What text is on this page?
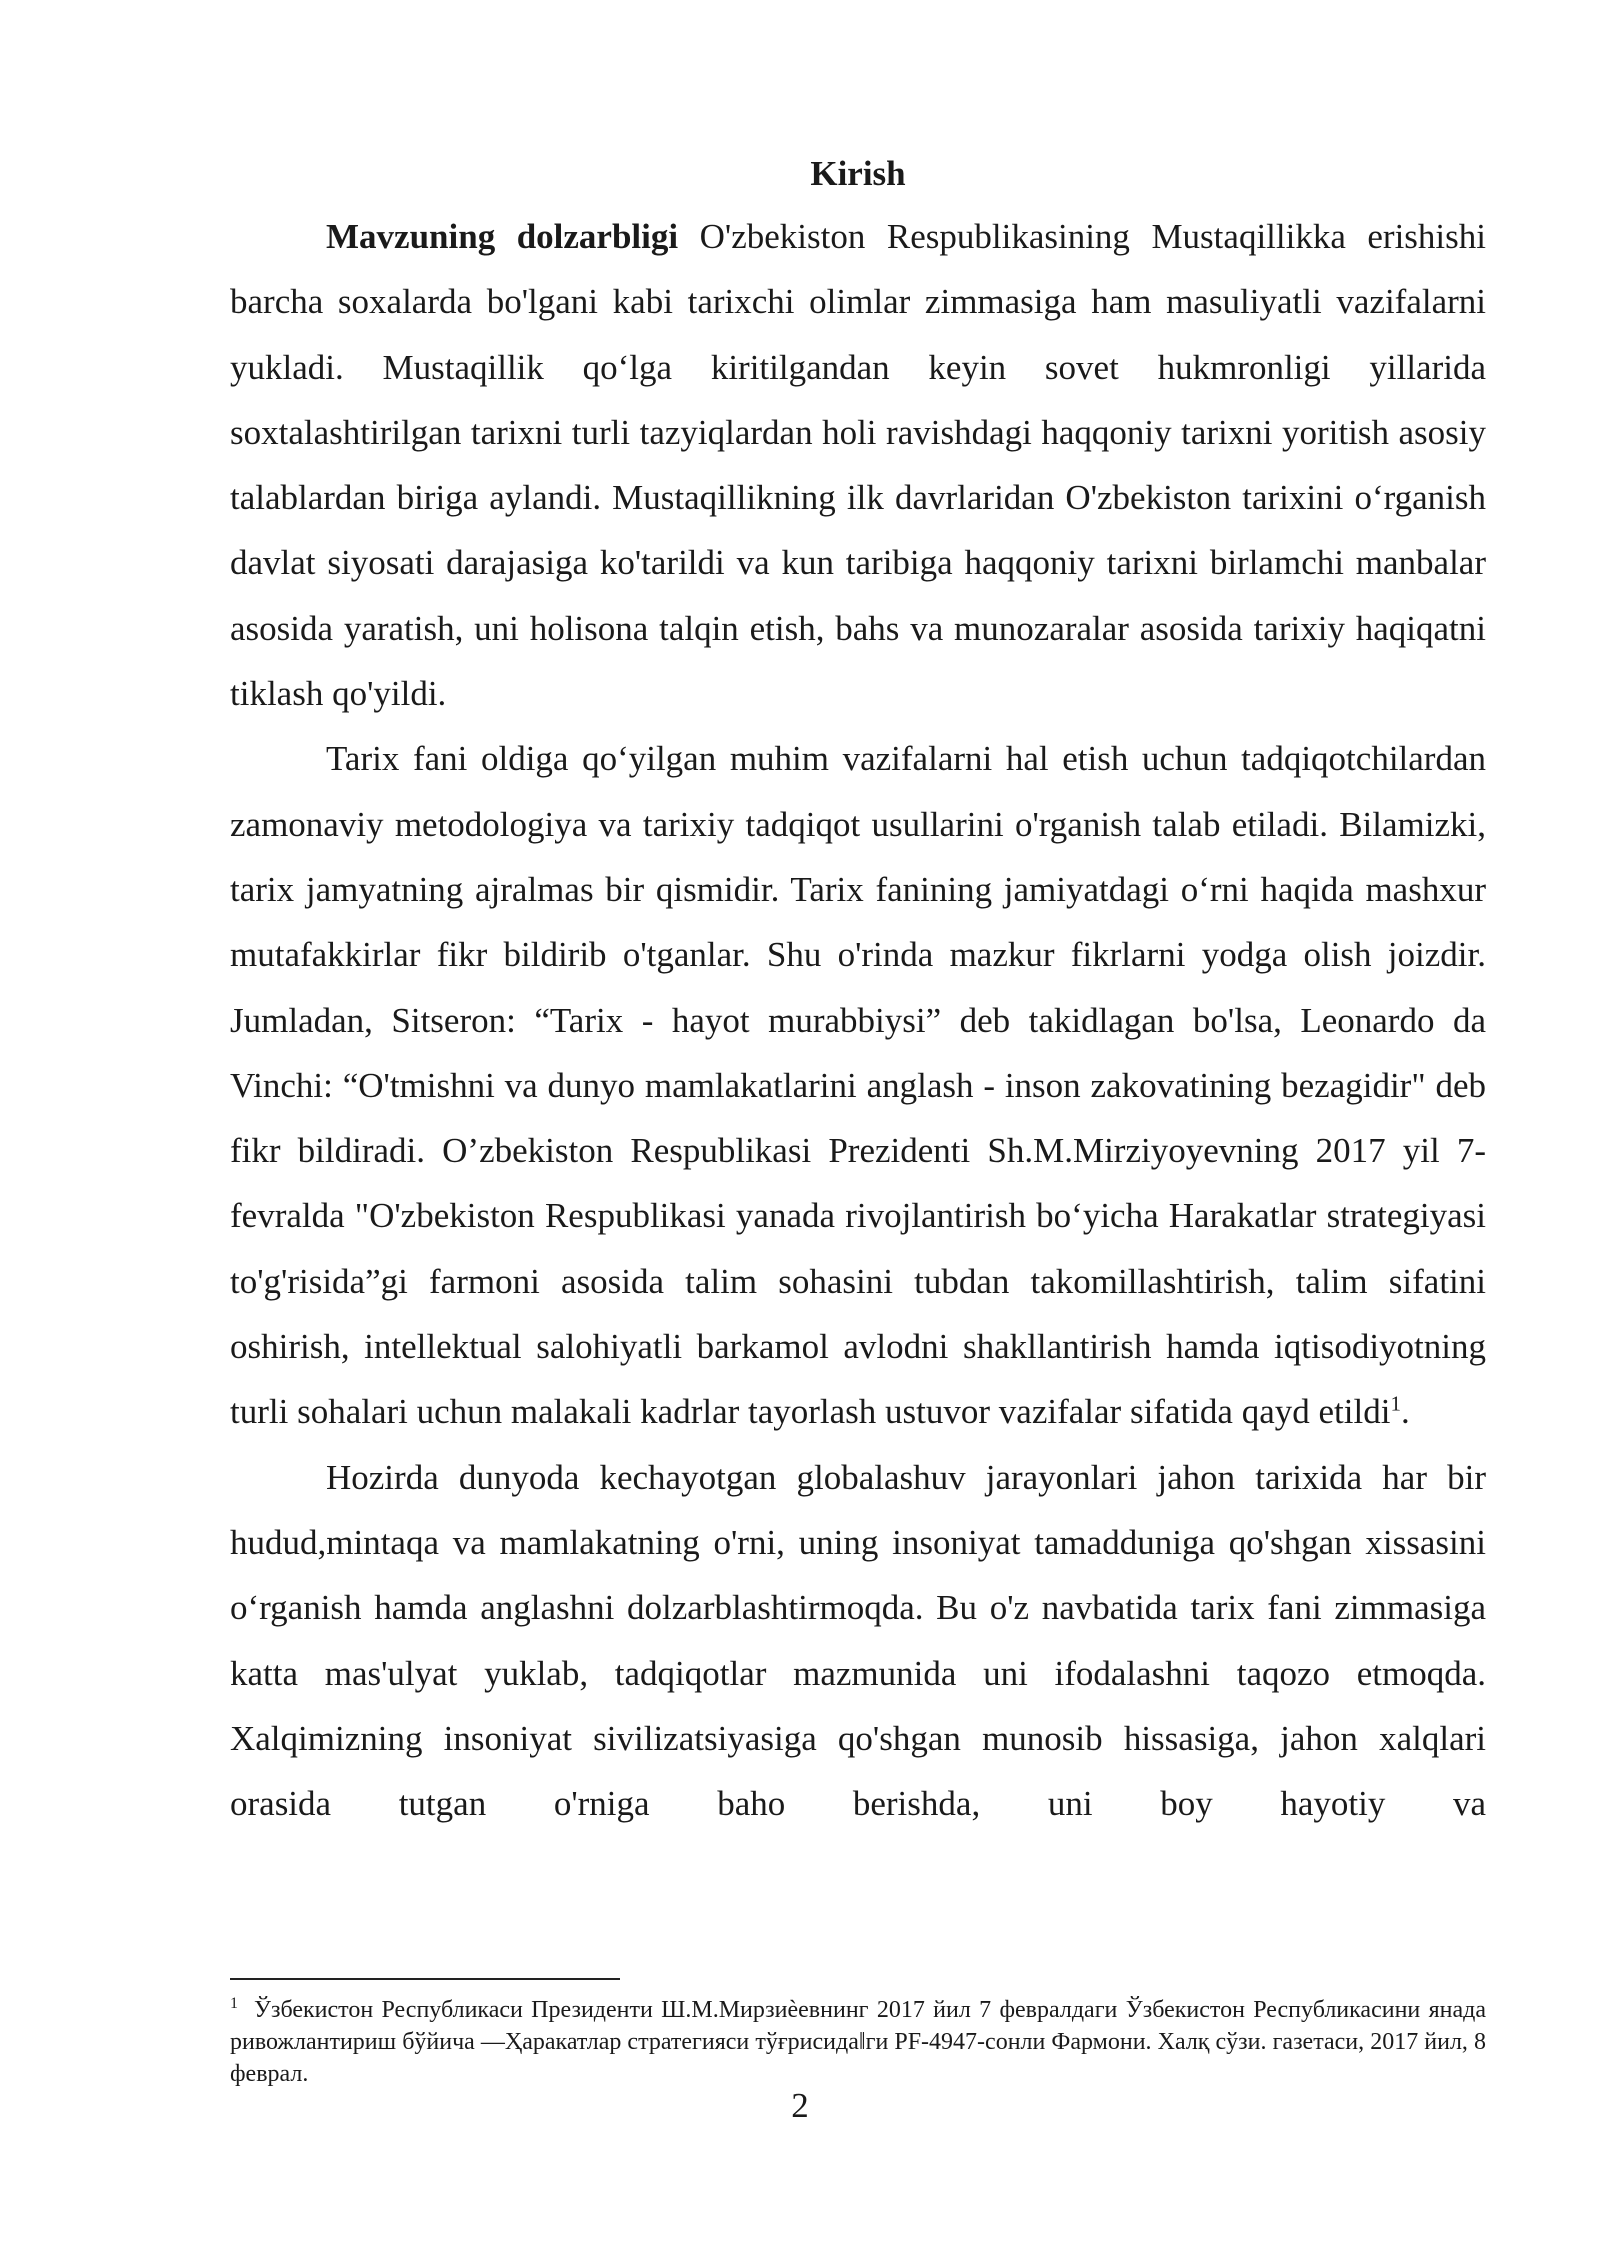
Kirish

Mavzuning dolzarbligi O'zbekiston Respublikasining Mustaqillikka erishishi barcha soxalarda bo'lgani kabi tarixchi olimlar zimmasiga ham masuliyatli vazifalarni yukladi. Mustaqillik qo‘lga kiritilgandan keyin sovet hukmronligi yillarida soxtalashtirilgan tarixni turli tazyiqlardan holi ravishdagi haqqoniy tarixni yoritish asosiy talablardan biriga aylandi. Mustaqillikning ilk davrlaridan O'zbekiston tarixini o‘rganish davlat siyosati darajasiga ko'tarildi va kun taribiga haqqoniy tarixni birlamchi manbalar asosida yaratish, uni holisona talqin etish, bahs va munozaralar asosida tarixiy haqiqatni tiklash qo'yildi.

Tarix fani oldiga qo‘yilgan muhim vazifalarni hal etish uchun tadqiqotchilardan zamonaviy metodologiya va tarixiy tadqiqot usullarini o'rganish talab etiladi. Bilamizki, tarix jamyatning ajralmas bir qismidir. Tarix fanining jamiyatdagi o‘rni haqida mashxur mutafakkirlar fikr bildirib o'tganlar. Shu o'rinda mazkur fikrlarni yodga olish joizdir. Jumladan, Sitseron: “Tarix - hayot murabbiysi” deb takidlagan bo'lsa, Leonardo da Vinchi: “O'tmishni va dunyo mamlakatlarini anglash - inson zakovatining bezagidir" deb fikr bildiradi. O’zbekiston Respublikasi Prezidenti Sh.M.Mirziyoyevning 2017 yil 7-fevralda "O'zbekiston Respublikasi yanada rivojlantirish bo‘yicha Harakatlar strategiyasi to'g'risida”gi farmoni asosida talim sohasini tubdan takomillashtirish, talim sifatini oshirish, intellektual salohiyatli barkamol avlodni shakllantirish hamda iqtisodiyotning turli sohalari uchun malakali kadrlar tayorlash ustuvor vazifalar sifatida qayd etildi$^1$.

Hozirda dunyoda kechayotgan globalashuv jarayonlari jahon tarixida har bir hudud,mintaqa va mamlakatning o'rni, uning insoniyat tamadduniga qo'shgan xissasini o‘rganish hamda anglashni dolzarblashtirmoqda. Bu o'z navbatida tarix fani zimmasiga katta mas'ulyat yuklab, tadqiqotlar mazmunida uni ifodalashni taqozo etmoqda. Xalqimizning insoniyat sivilizatsiyasiga qo'shgan munosib hissasiga, jahon xalqlari orasida tutgan o'rniga baho berishda, uni boy hayotiy va

$^1$ Ўзбекистон Республикаси Президенти Ш.М.Мирзиѐевнинг 2017 йил 7 февралдаги Ўзбекистон Республикасини янада ривожлантириш бўйича ―Ҳаракатлар стратегияси тўғрисида‖ги PF-4947-сонли Фармони. Халқ сўзи. газетаси, 2017 йил, 8 феврал.

2
